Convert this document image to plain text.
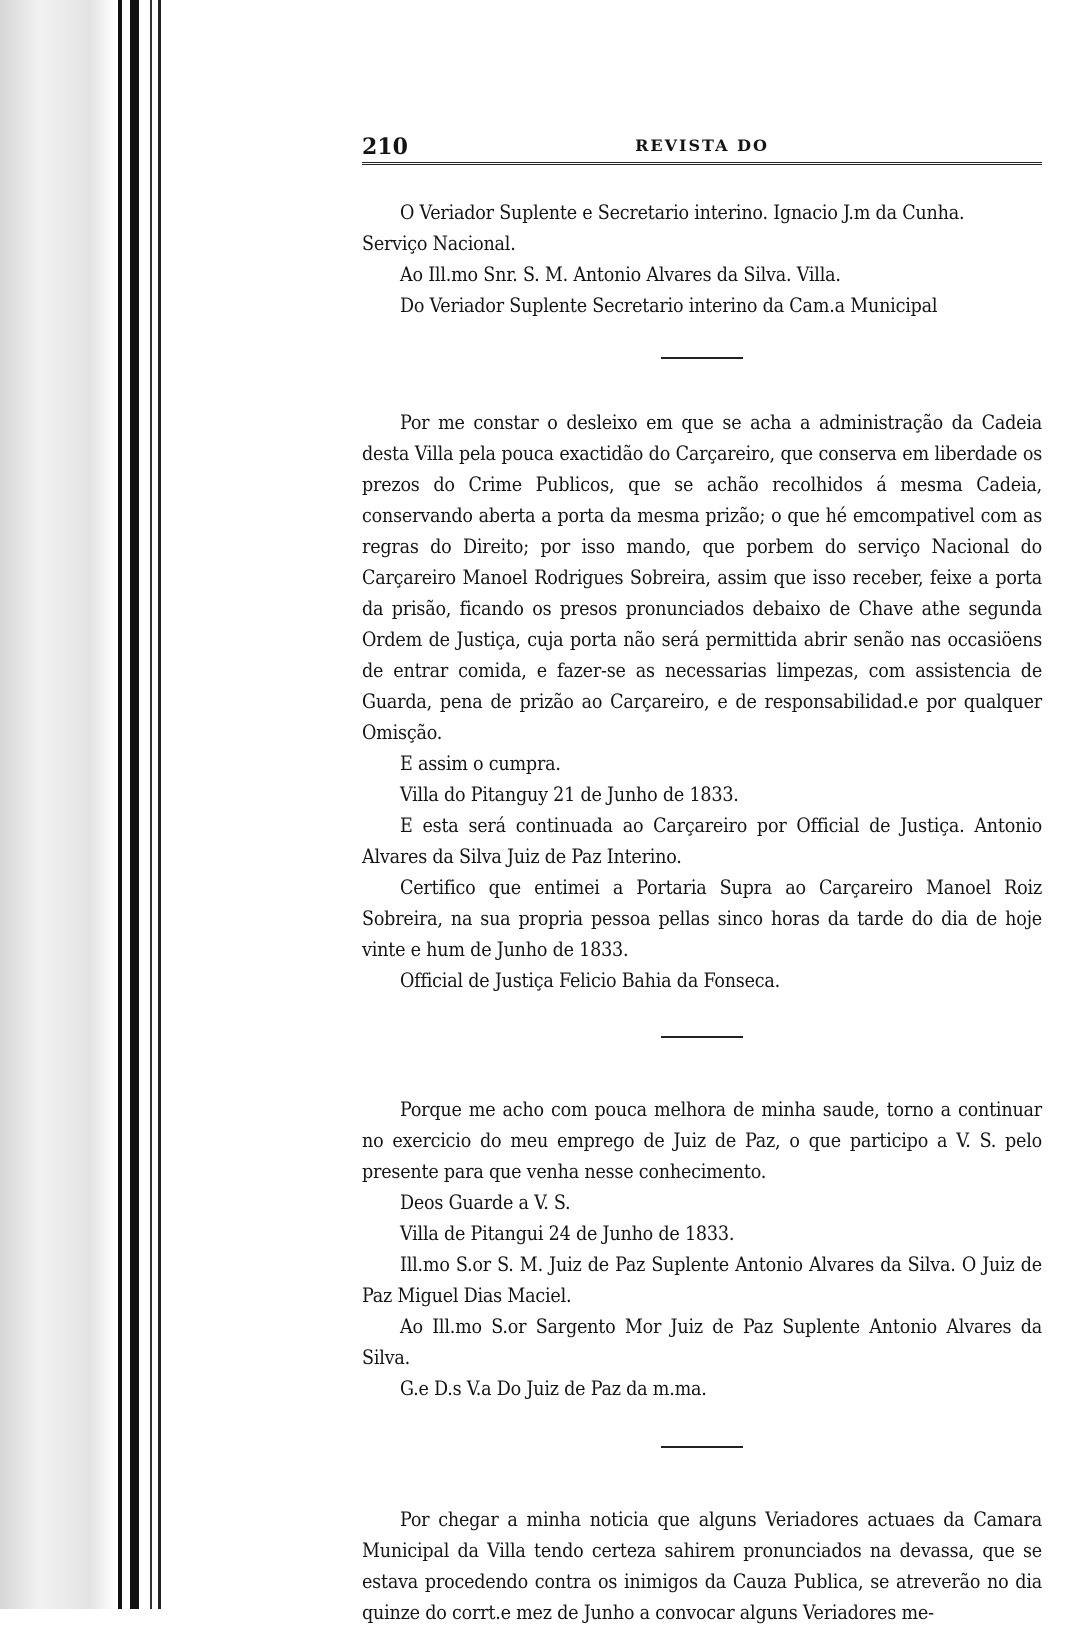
210	REVISTA DO

O Veriador Suplente e Secretario interino. Ignacio J.m da Cunha.

Serviço Nacional.

Ao Ill.mo Snr. S. M. Antonio Alvares da Silva. Villa.

Do Veriador Suplente Secretario interino da Cam.a Municipal

Por me constar o desleixo em que se acha a administração da Cadeia desta Villa pela pouca exactidão do Carçareiro, que conserva em liberdade os prezos do Crime Publicos, que se achão recolhidos á mesma Cadeia, conservando aberta a porta da mesma prizão; o que hé emcompativel com as regras do Direito; por isso mando, que porbem do serviço Nacional do Carçareiro Manoel Rodrigues Sobreira, assim que isso receber, feixe a porta da prisão, ficando os presos pronunciados debaixo de Chave athe segunda Ordem de Justiça, cuja porta não será permittida abrir senão nas occasiöens de entrar comida, e fazer-se as necessarias limpezas, com assistencia de Guarda, pena de prizão ao Carçareiro, e de responsabilidad.e por qualquer Omisção.

E assim o cumpra.

Villa do Pitanguy 21 de Junho de 1833.

E esta será continuada ao Carçareiro por Official de Justiça. Antonio Alvares da Silva Juiz de Paz Interino.

Certifico que entimei a Portaria Supra ao Carçareiro Manoel Roiz Sobreira, na sua propria pessoa pellas sinco horas da tarde do dia de hoje vinte e hum de Junho de 1833.

Official de Justiça Felicio Bahia da Fonseca.

Porque me acho com pouca melhora de minha saude, torno a continuar no exercicio do meu emprego de Juiz de Paz, o que participo a V. S. pelo presente para que venha nesse conhecimento.

Deos Guarde a V. S.

Villa de Pitangui 24 de Junho de 1833.

Ill.mo S.or S. M. Juiz de Paz Suplente Antonio Alvares da Silva. O Juiz de Paz Miguel Dias Maciel.

Ao Ill.mo S.or Sargento Mor Juiz de Paz Suplente Antonio Alvares da Silva.

G.e D.s V.a Do Juiz de Paz da m.ma.

Por chegar a minha noticia que alguns Veriadores actuaes da Camara Municipal da Villa tendo certeza sahirem pronunciados na devassa, que se estava procedendo contra os inimigos da Cauza Publica, se atreverão no dia quinze do corrt.e mez de Junho a convocar alguns Veriadores me-
